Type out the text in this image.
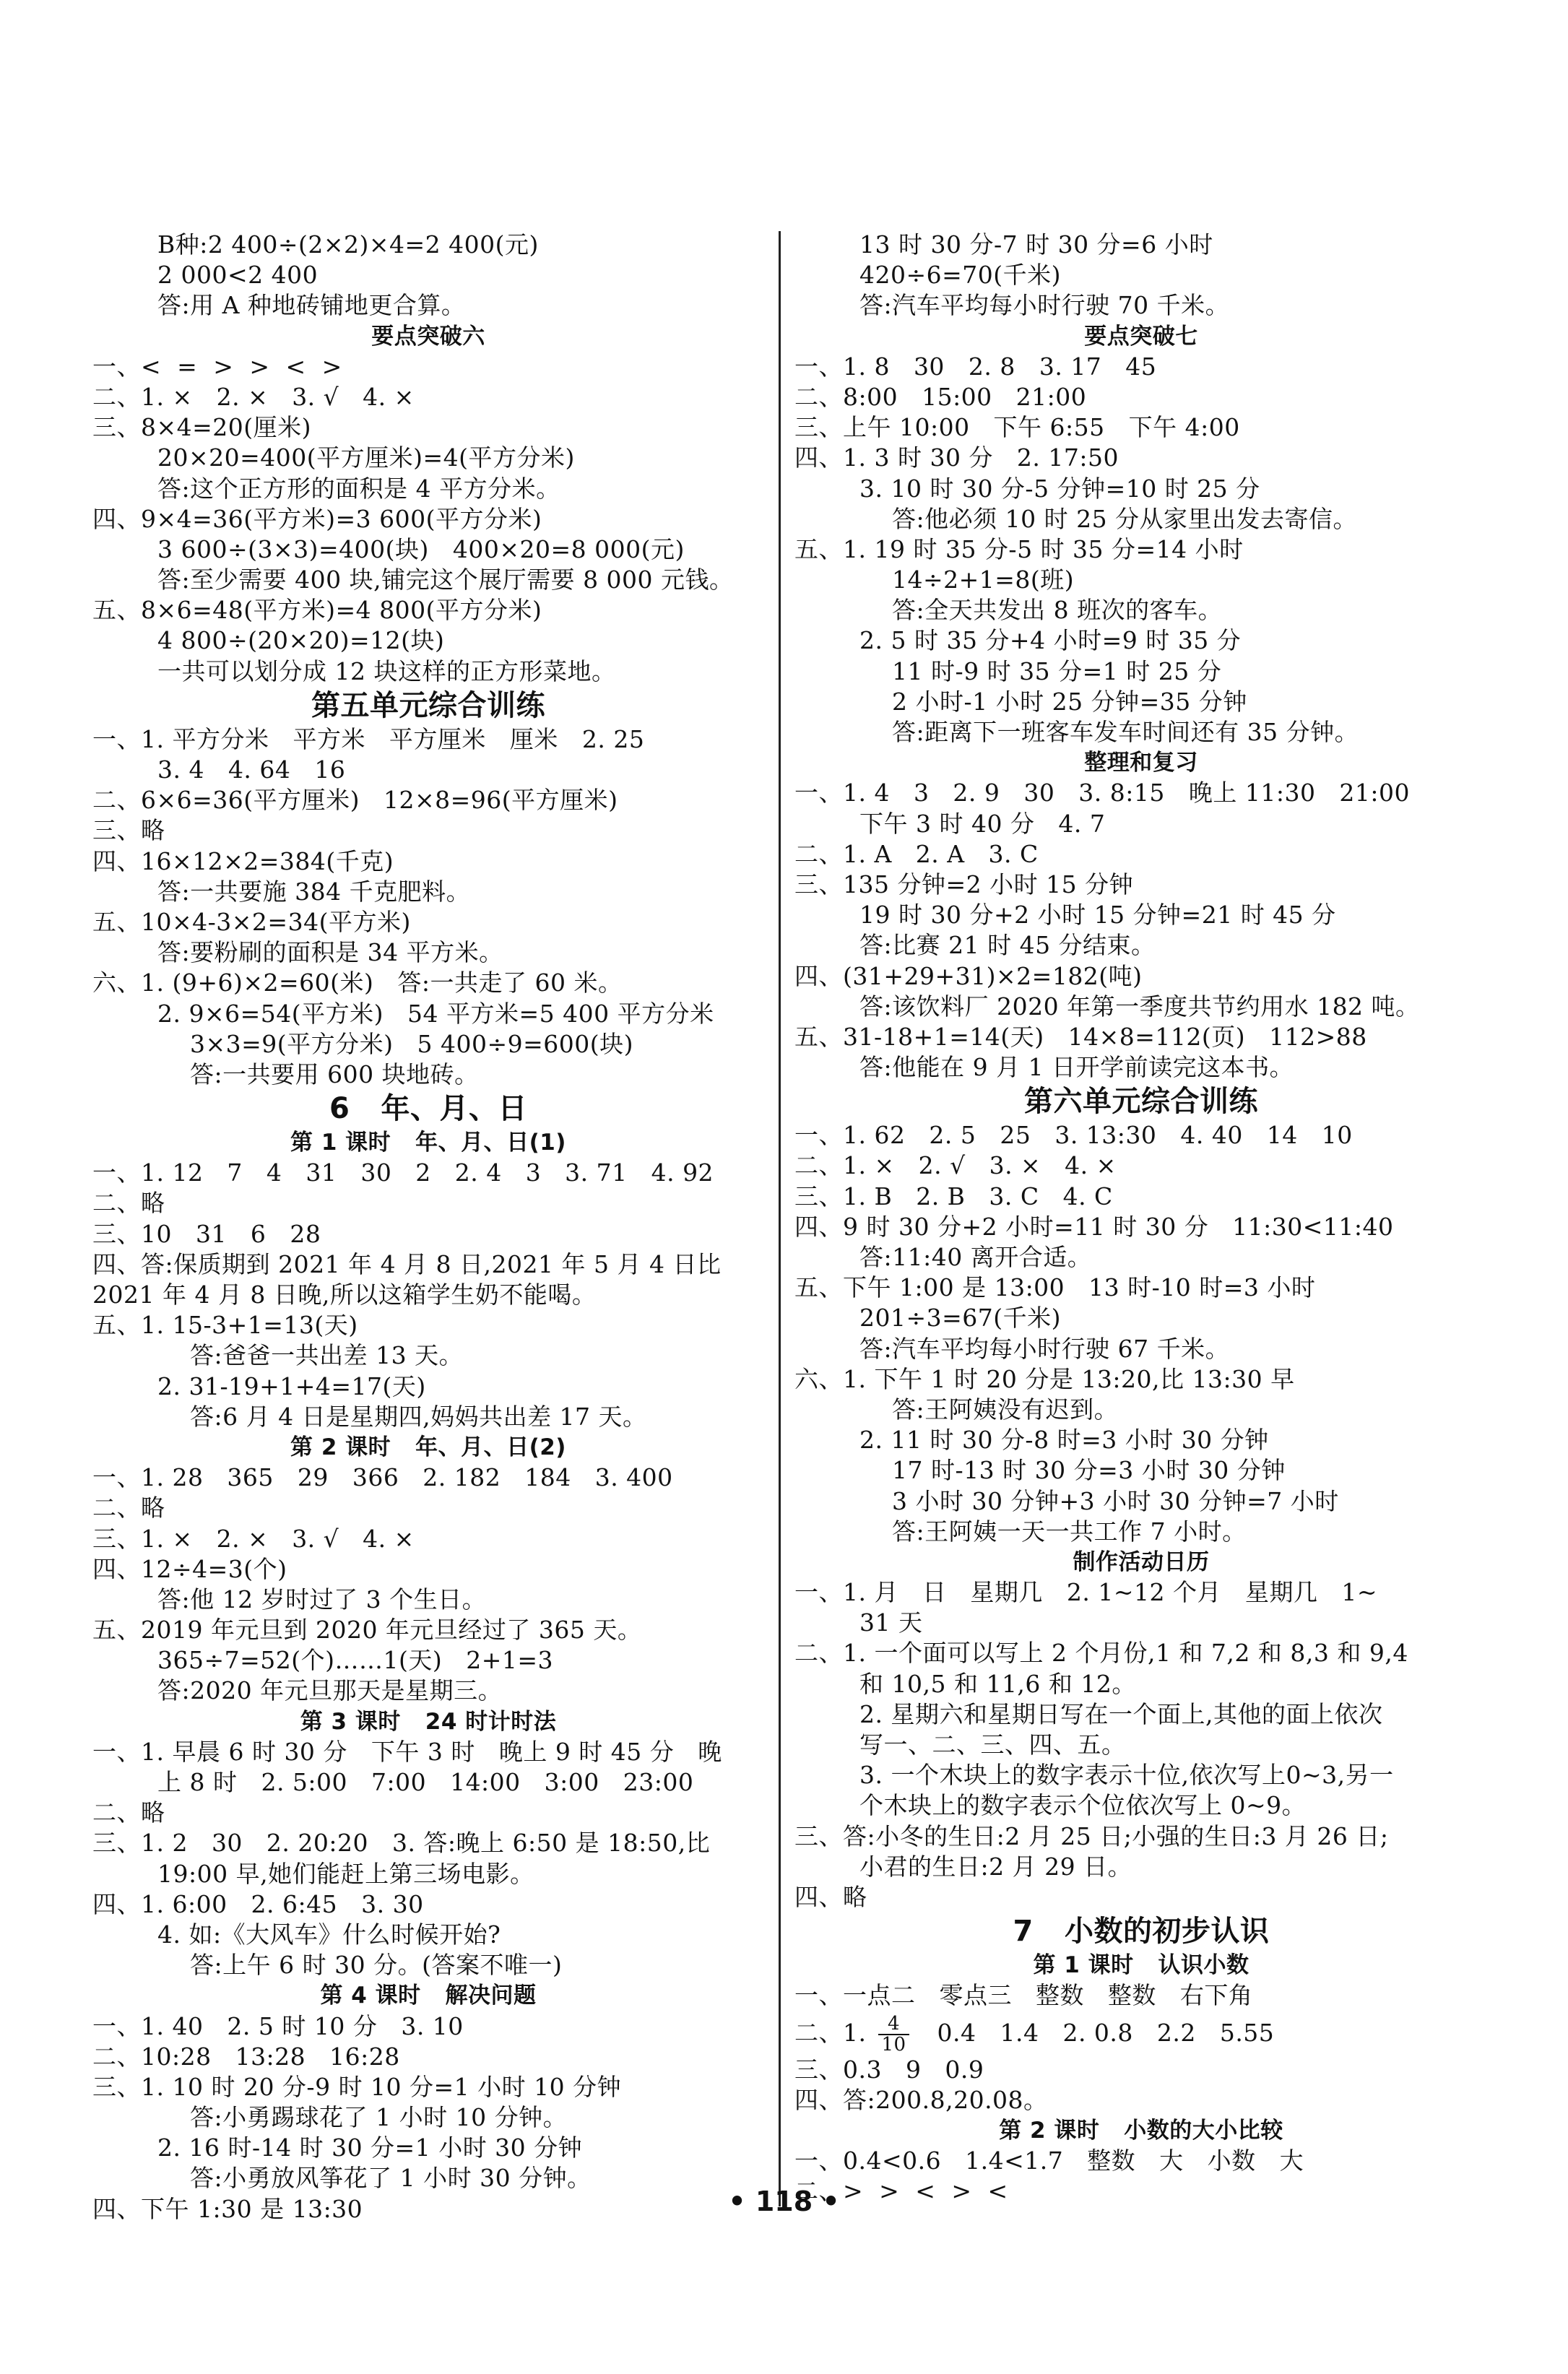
B种:2 400÷(2×2)×4=2 400(元)
2 000<2 400
答:用 A 种地砖铺地更合算。
要点突破六
一、<  =  >  >  <  >
二、1. ×   2. ×   3. √   4. ×
三、8×4=20(厘米)
20×20=400(平方厘米)=4(平方分米)
答:这个正方形的面积是 4 平方分米。
四、9×4=36(平方米)=3 600(平方分米)
3 600÷(3×3)=400(块)   400×20=8 000(元)
答:至少需要 400 块,铺完这个展厅需要 8 000 元钱。
五、8×6=48(平方米)=4 800(平方分米)
4 800÷(20×20)=12(块)
一共可以划分成 12 块这样的正方形菜地。
第五单元综合训练
一、1. 平方分米   平方米   平方厘米   厘米   2. 25
3. 4   4. 64   16
二、6×6=36(平方厘米)   12×8=96(平方厘米)
三、略
四、16×12×2=384(千克)
答:一共要施 384 千克肥料。
五、10×4-3×2=34(平方米)
答:要粉刷的面积是 34 平方米。
六、1. (9+6)×2=60(米)   答:一共走了 60 米。
2. 9×6=54(平方米)   54 平方米=5 400 平方分米
3×3=9(平方分米)   5 400÷9=600(块)
答:一共要用 600 块地砖。
6   年、月、日
第 1 课时   年、月、日(1)
一、1. 12   7   4   31   30   2   2. 4   3   3. 71   4. 92
二、略
三、10   31   6   28
四、答:保质期到 2021 年 4 月 8 日,2021 年 5 月 4 日比
2021 年 4 月 8 日晚,所以这箱学生奶不能喝。
五、1. 15-3+1=13(天)
答:爸爸一共出差 13 天。
2. 31-19+1+4=17(天)
答:6 月 4 日是星期四,妈妈共出差 17 天。
第 2 课时   年、月、日(2)
一、1. 28   365   29   366   2. 182   184   3. 400
二、略
三、1. ×   2. ×   3. √   4. ×
四、12÷4=3(个)
答:他 12 岁时过了 3 个生日。
五、2019 年元旦到 2020 年元旦经过了 365 天。
365÷7=52(个)……1(天)   2+1=3
答:2020 年元旦那天是星期三。
第 3 课时   24 时计时法
一、1. 早晨 6 时 30 分   下午 3 时   晚上 9 时 45 分   晚
上 8 时   2. 5:00   7:00   14:00   3:00   23:00
二、略
三、1. 2   30   2. 20:20   3. 答:晚上 6:50 是 18:50,比
19:00 早,她们能赶上第三场电影。
四、1. 6:00   2. 6:45   3. 30
4. 如:《大风车》什么时候开始?
答:上午 6 时 30 分。(答案不唯一)
第 4 课时   解决问题
一、1. 40   2. 5 时 10 分   3. 10
二、10:28   13:28   16:28
三、1. 10 时 20 分-9 时 10 分=1 小时 10 分钟
答:小勇踢球花了 1 小时 10 分钟。
2. 16 时-14 时 30 分=1 小时 30 分钟
答:小勇放风筝花了 1 小时 30 分钟。
四、下午 1:30 是 13:30
13 时 30 分-7 时 30 分=6 小时
420÷6=70(千米)
答:汽车平均每小时行驶 70 千米。
要点突破七
一、1. 8   30   2. 8   3. 17   45
二、8:00   15:00   21:00
三、上午 10:00   下午 6:55   下午 4:00
四、1. 3 时 30 分   2. 17:50
3. 10 时 30 分-5 分钟=10 时 25 分
答:他必须 10 时 25 分从家里出发去寄信。
五、1. 19 时 35 分-5 时 35 分=14 小时
14÷2+1=8(班)
答:全天共发出 8 班次的客车。
2. 5 时 35 分+4 小时=9 时 35 分
11 时-9 时 35 分=1 时 25 分
2 小时-1 小时 25 分钟=35 分钟
答:距离下一班客车发车时间还有 35 分钟。
整理和复习
一、1. 4   3   2. 9   30   3. 8:15   晚上 11:30   21:00
下午 3 时 40 分   4. 7
二、1. A   2. A   3. C
三、135 分钟=2 小时 15 分钟
19 时 30 分+2 小时 15 分钟=21 时 45 分
答:比赛 21 时 45 分结束。
四、(31+29+31)×2=182(吨)
答:该饮料厂 2020 年第一季度共节约用水 182 吨。
五、31-18+1=14(天)   14×8=112(页)   112>88
答:他能在 9 月 1 日开学前读完这本书。
第六单元综合训练
一、1. 62   2. 5   25   3. 13:30   4. 40   14   10
二、1. ×   2. √   3. ×   4. ×
三、1. B   2. B   3. C   4. C
四、9 时 30 分+2 小时=11 时 30 分   11:30<11:40
答:11:40 离开合适。
五、下午 1:00 是 13:00   13 时-10 时=3 小时
201÷3=67(千米)
答:汽车平均每小时行驶 67 千米。
六、1. 下午 1 时 20 分是 13:20,比 13:30 早
答:王阿姨没有迟到。
2. 11 时 30 分-8 时=3 小时 30 分钟
17 时-13 时 30 分=3 小时 30 分钟
3 小时 30 分钟+3 小时 30 分钟=7 小时
答:王阿姨一天一共工作 7 小时。
制作活动日历
一、1. 月   日   星期几   2. 1~12 个月   星期几   1~
31 天
二、1. 一个面可以写上 2 个月份,1 和 7,2 和 8,3 和 9,4
和 10,5 和 11,6 和 12。
2. 星期六和星期日写在一个面上,其他的面上依次
写一、二、三、四、五。
3. 一个木块上的数字表示十位,依次写上0~3,另一
个木块上的数字表示个位依次写上 0~9。
三、答:小冬的生日:2 月 25 日;小强的生日:3 月 26 日;
小君的生日:2 月 29 日。
四、略
7   小数的初步认识
第 1 课时   认识小数
一、一点二   零点三   整数   整数   右下角
二、1. $\frac{4}{10} 0.4$   1.4   2. 0.8   2.2   5.55
三、0.3   9   0.9
四、答:200.8,20.08。
第 2 课时   小数的大小比较
一、0.4<0.6   1.4<1.7   整数   大   小数   大
二、>  >  <  >  <
• 118 •
